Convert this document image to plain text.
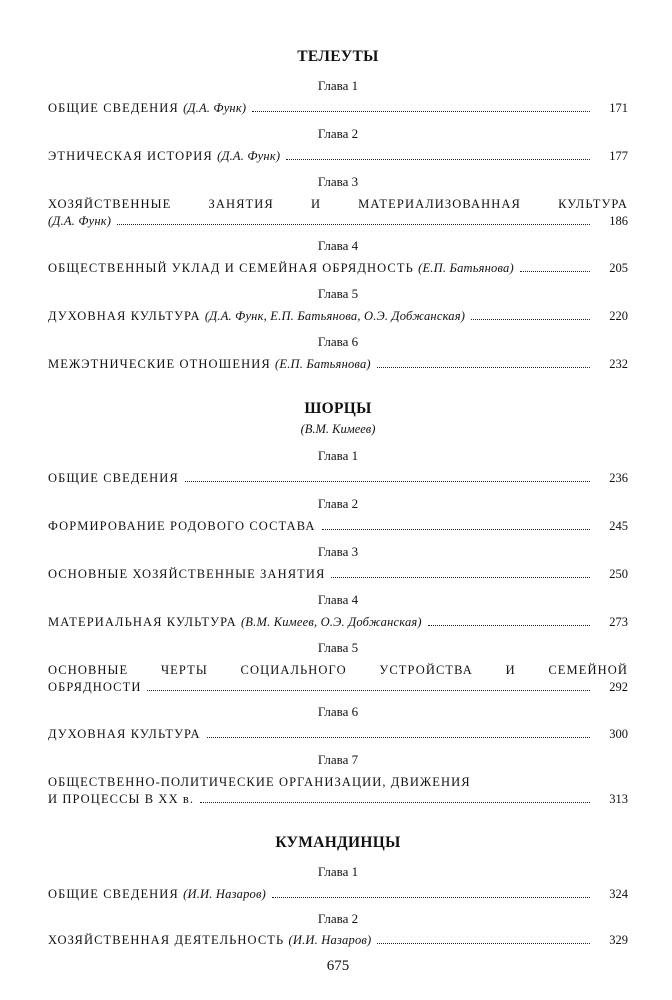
ТЕЛЕУТЫ
Глава 1
ОБЩИЕ СВЕДЕНИЯ
(Д.А. Функ)	171
Глава 2
ЭТНИЧЕСКАЯ ИСТОРИЯ
(Д.А. Функ)	177
Глава 3
ХОЗЯЙСТВЕННЫЕ ЗАНЯТИЯ И МАТЕРИАЛИЗОВАННАЯ КУЛЬТУРА
(Д.А. Функ)	186
Глава 4
ОБЩЕСТВЕННЫЙ УКЛАД И СЕМЕЙНАЯ ОБРЯДНОСТЬ
(Е.П. Батьянова)	205
Глава 5
ДУХОВНАЯ КУЛЬТУРА
(Д.А. Функ, Е.П. Батьянова, О.Э. Добжанская)	220
Глава 6
МЕЖЭТНИЧЕСКИЕ ОТНОШЕНИЯ
(Е.П. Батьянова)	232
ШОРЦЫ
(В.М. Кимеев)
Глава 1
ОБЩИЕ СВЕДЕНИЯ	236
Глава 2
ФОРМИРОВАНИЕ РОДОВОГО СОСТАВА	245
Глава 3
ОСНОВНЫЕ ХОЗЯЙСТВЕННЫЕ ЗАНЯТИЯ	250
Глава 4
МАТЕРИАЛЬНАЯ КУЛЬТУРА
(В.М. Кимеев, О.Э. Добжанская)	273
Глава 5
ОСНОВНЫЕ ЧЕРТЫ СОЦИАЛЬНОГО УСТРОЙСТВА И СЕМЕЙНОЙ
ОБРЯДНОСТИ	292
Глава 6
ДУХОВНАЯ КУЛЬТУРА	300
Глава 7
ОБЩЕСТВЕННО-ПОЛИТИЧЕСКИЕ ОРГАНИЗАЦИИ, ДВИЖЕНИЯ
И ПРОЦЕССЫ В XX в.	313
КУМАНДИНЦЫ
Глава 1
ОБЩИЕ СВЕДЕНИЯ
(И.И. Назаров)	324
Глава 2
ХОЗЯЙСТВЕННАЯ ДЕЯТЕЛЬНОСТЬ
(И.И. Назаров)	329
675
